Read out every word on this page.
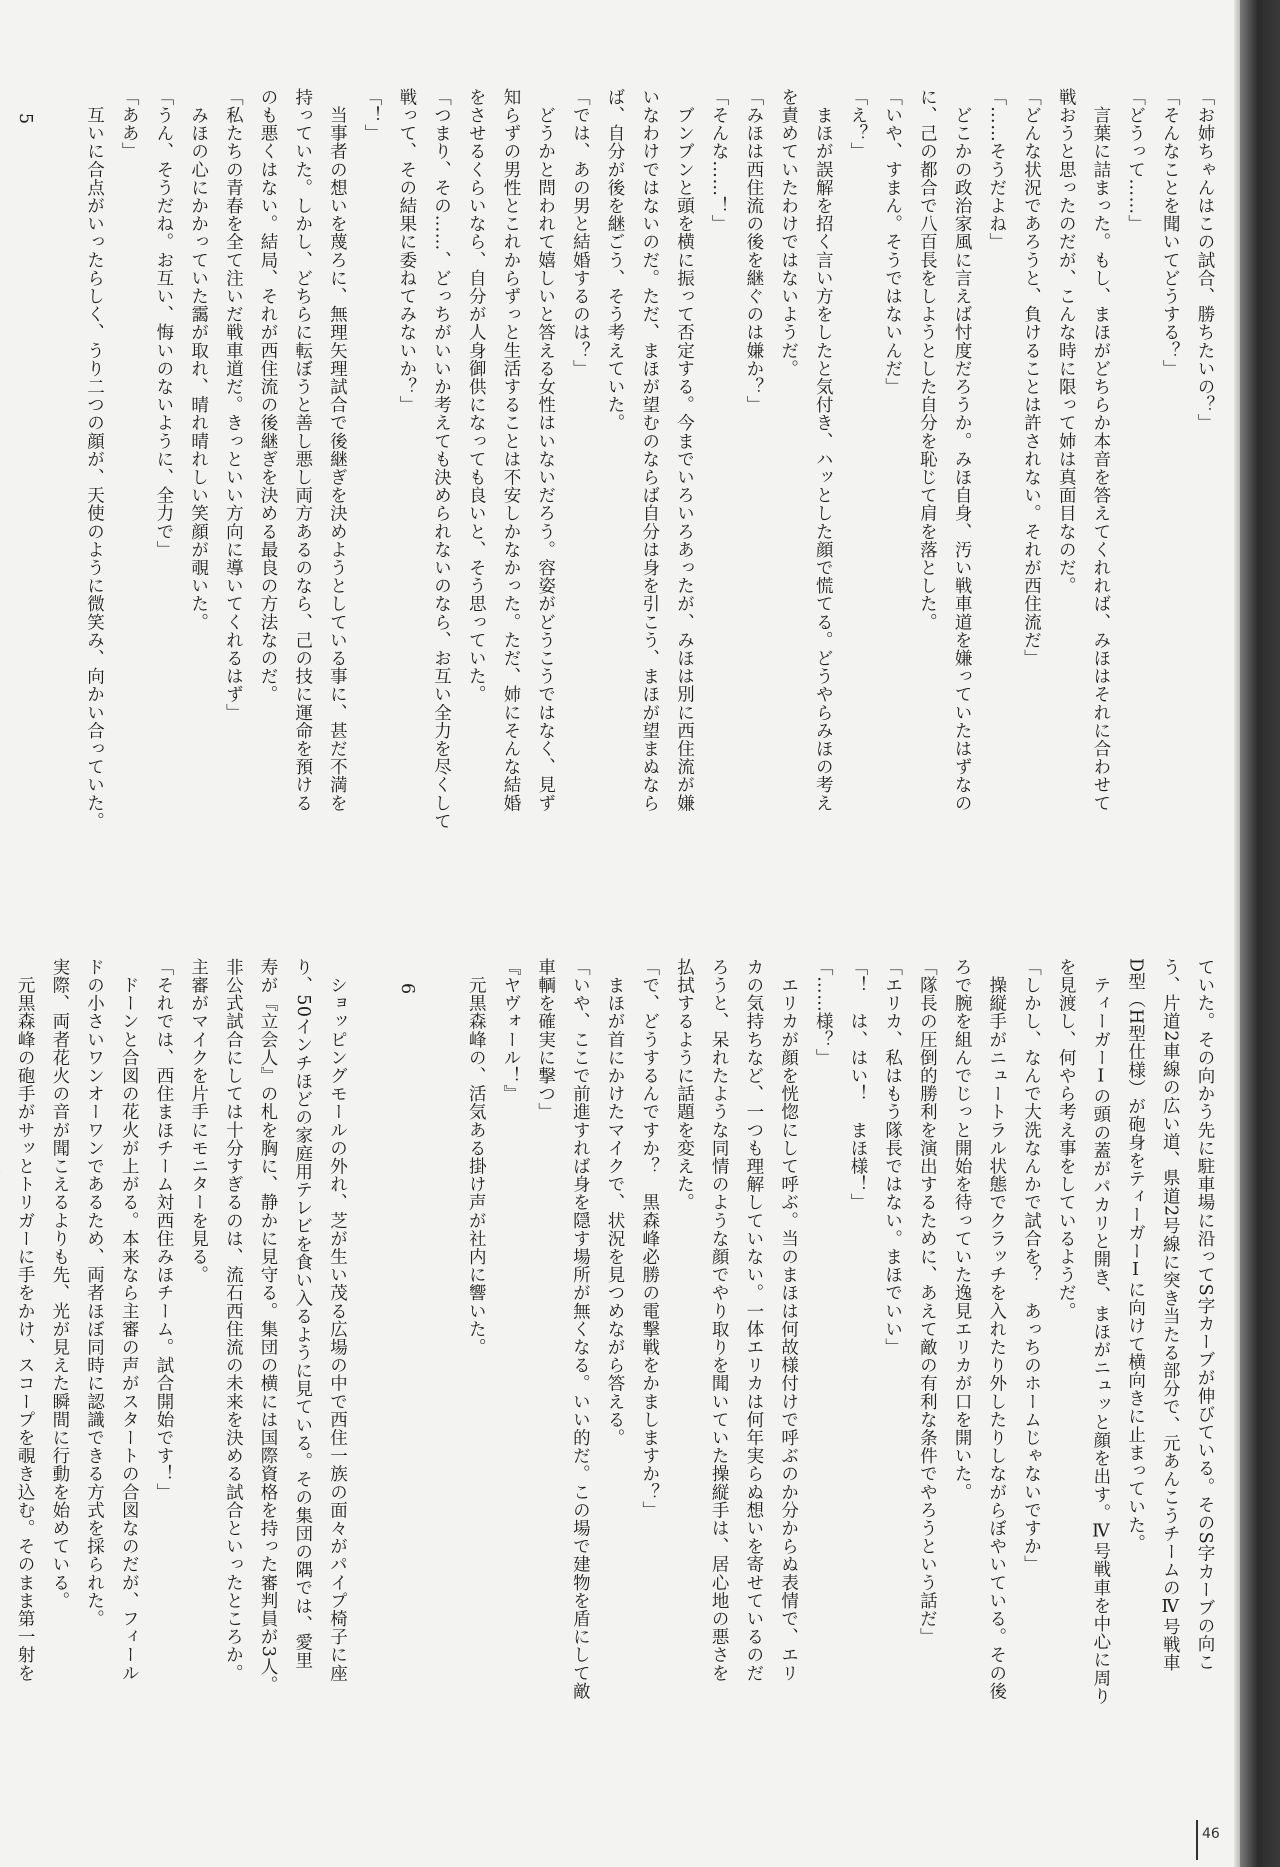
「お姉ちゃんはこの試合、勝ちたいの？」

「そんなことを聞いてどうする？」

「どうって……」

　言葉に詰まった。もし、まほがどちらか本音を答えてくれれば、みほはそれに合わせて

戦おうと思ったのだが、こんな時に限って姉は真面目なのだ。

「どんな状況であろうと、負けることは許されない。それが西住流だ」

「……そうだよね」

　どこかの政治家風に言えば忖度だろうか。みほ自身、汚い戦車道を嫌っていたはずなの

に、己の都合で八百長をしようとした自分を恥じて肩を落とした。

「いや、すまん。そうではないんだ」

「え？」

　まほが誤解を招く言い方をしたと気付き、ハッとした顔で慌てる。どうやらみほの考え

を責めていたわけではないようだ。

「みほは西住流の後を継ぐのは嫌か？」

「そんな……！」

　ブンブンと頭を横に振って否定する。今までいろいろあったが、みほは別に西住流が嫌

いなわけではないのだ。ただ、まほが望むのならば自分は身を引こう、まほが望まぬなら

ば、自分が後を継ごう、そう考えていた。

「では、あの男と結婚するのは？」

　どうかと問われて嬉しいと答える女性はいないだろう。容姿がどうこうではなく、見ず

知らずの男性とこれからずっと生活することは不安しかなかった。ただ、姉にそんな結婚

をさせるくらいなら、自分が人身御供になっても良いと、そう思っていた。

「つまり、その……、どっちがいいか考えても決められないのなら、お互い全力を尽くして

戦って、その結果に委ねてみないか？」

「！」

　当事者の想いを蔑ろに、無理矢理試合で後継ぎを決めようとしている事に、甚だ不満を

持っていた。しかし、どちらに転ぼうと善し悪し両方あるのなら、己の技に運命を預ける

のも悪くはない。結局、それが西住流の後継ぎを決める最良の方法なのだ。

「私たちの青春を全て注いだ戦車道だ。きっといい方向に導いてくれるはず」

　みほの心にかかっていた靄が取れ、晴れ晴れしい笑顔が覗いた。

「うん、そうだね。お互い、悔いのないように、全力で」

「ああ」

　互いに合点がいったらしく、うり二つの顔が、天使のように微笑み、向かい合っていた。

5

ていた。その向かう先に駐車場に沿ってS字カーブが伸びている。そのS字カーブの向こ

う、片道2車線の広い道、県道2号線に突き当たる部分で、元あんこうチームのⅣ号戦車

D型（H型仕様）が砲身をティーガーⅠに向けて横向きに止まっていた。

　ティーガーⅠの頭の蓋がパカリと開き、まほがニュッと顔を出す。Ⅳ号戦車を中心に周り

を見渡し、何やら考え事をしているようだ。

「しかし、なんで大洗なんかで試合を？　あっちのホームじゃないですか」

　操縦手がニュートラル状態でクラッチを入れたり外したりしながらぼやいている。その後

ろで腕を組んでじっと開始を待っていた逸見エリカが口を開いた。

「隊長の圧倒的勝利を演出するために、あえて敵の有利な条件でやろうという話だ」

「エリカ、私はもう隊長ではない。まほでいい」

「！　は、はい！　まほ様！」

「……様？」

　エリカが顔を恍惚にして呼ぶ。当のまほは何故様付けで呼ぶのか分からぬ表情で、エリ

カの気持ちなど、一つも理解していない。一体エリカは何年実らぬ想いを寄せているのだ

ろうと、呆れたような同情のような顔でやり取りを聞いていた操縦手は、居心地の悪さを

払拭するように話題を変えた。

「で、どうするんですか？　黒森峰必勝の電撃戦をかましますか？」

　まほが首にかけたマイクで、状況を見つめながら答える。

「いや、ここで前進すれば身を隠す場所が無くなる。いい的だ。この場で建物を盾にして敵

車輌を確実に撃つ」

『ヤヴォール！』

　元黒森峰の、活気ある掛け声が社内に響いた。

6

　ショッピングモールの外れ、芝が生い茂る広場の中で西住一族の面々がパイプ椅子に座

り、50インチほどの家庭用テレビを食い入るように見ている。その集団の隅では、愛里

寿が『立会人』の札を胸に、静かに見守る。集団の横には国際資格を持った審判員が3人。

非公式試合にしては十分すぎるのは、流石西住流の未来を決める試合といったところか。

主審がマイクを片手にモニターを見る。

「それでは、西住まほチーム対西住みほチーム。試合開始です！」

　ドーンと合図の花火が上がる。本来なら主審の声がスタートの合図なのだが、フィール

ドの小さいワンオーワンであるため、両者ほぼ同時に認識できる方式を採られた。

実際、両者花火の音が聞こえるよりも先、光が見えた瞬間に行動を始めている。

　元黒森峰の砲手がサッとトリガーに手をかけ、スコープを覗き込む。そのまま第一射を

46
